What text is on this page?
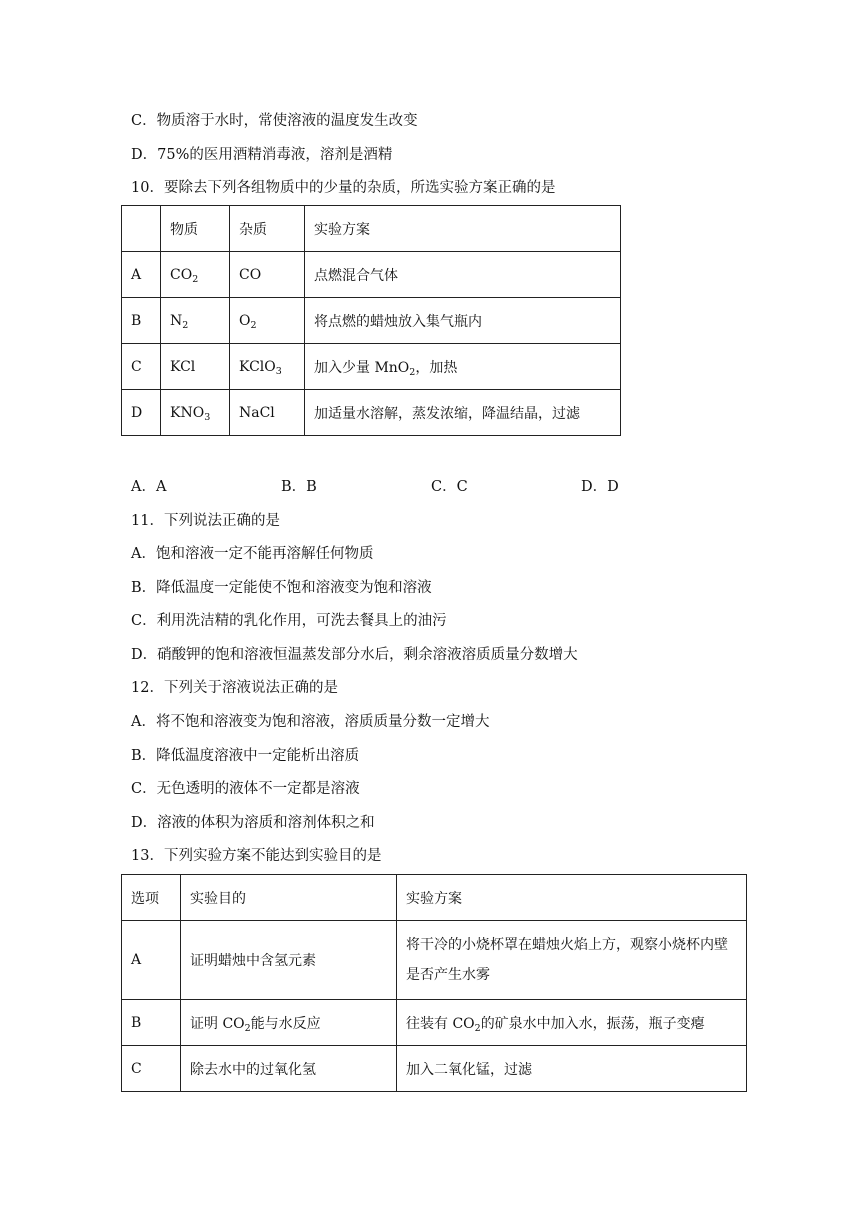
C．物质溶于水时，常使溶液的温度发生改变
D．75%的医用酒精消毒液，溶剂是酒精
10．要除去下列各组物质中的少量的杂质，所选实验方案正确的是
	物质	杂质	实验方案
A	$CO_2$	CO	点燃混合气体
B	$N_2$	$O_2$	将点燃的蜡烛放入集气瓶内
C	KCl	KClO$_3$	加入少量 MnO$_2$，加热
D	$KNO_3$	NaCl	加适量水溶解，蒸发浓缩，降温结晶，过滤
A．A	B．B	C．C	D．D
11．下列说法正确的是
A．饱和溶液一定不能再溶解任何物质
B．降低温度一定能使不饱和溶液变为饱和溶液
C．利用洗洁精的乳化作用，可洗去餐具上的油污
D．硝酸钾的饱和溶液恒温蒸发部分水后，剩余溶液溶质质量分数增大
12．下列关于溶液说法正确的是
A．将不饱和溶液变为饱和溶液，溶质质量分数一定增大
B．降低温度溶液中一定能析出溶质
C．无色透明的液体不一定都是溶液
D．溶液的体积为溶质和溶剂体积之和
13．下列实验方案不能达到实验目的是
选项	实验目的	实验方案
A	证明蜡烛中含氢元素	将干冷的小烧杯罩在蜡烛火焰上方，观察小烧杯内壁是否产生水雾
B	证明 $CO_2$能与水反应	往装有 $CO_2$的矿泉水中加入水，振荡，瓶子变瘪
C	除去水中的过氧化氢	加入二氧化锰，过滤
